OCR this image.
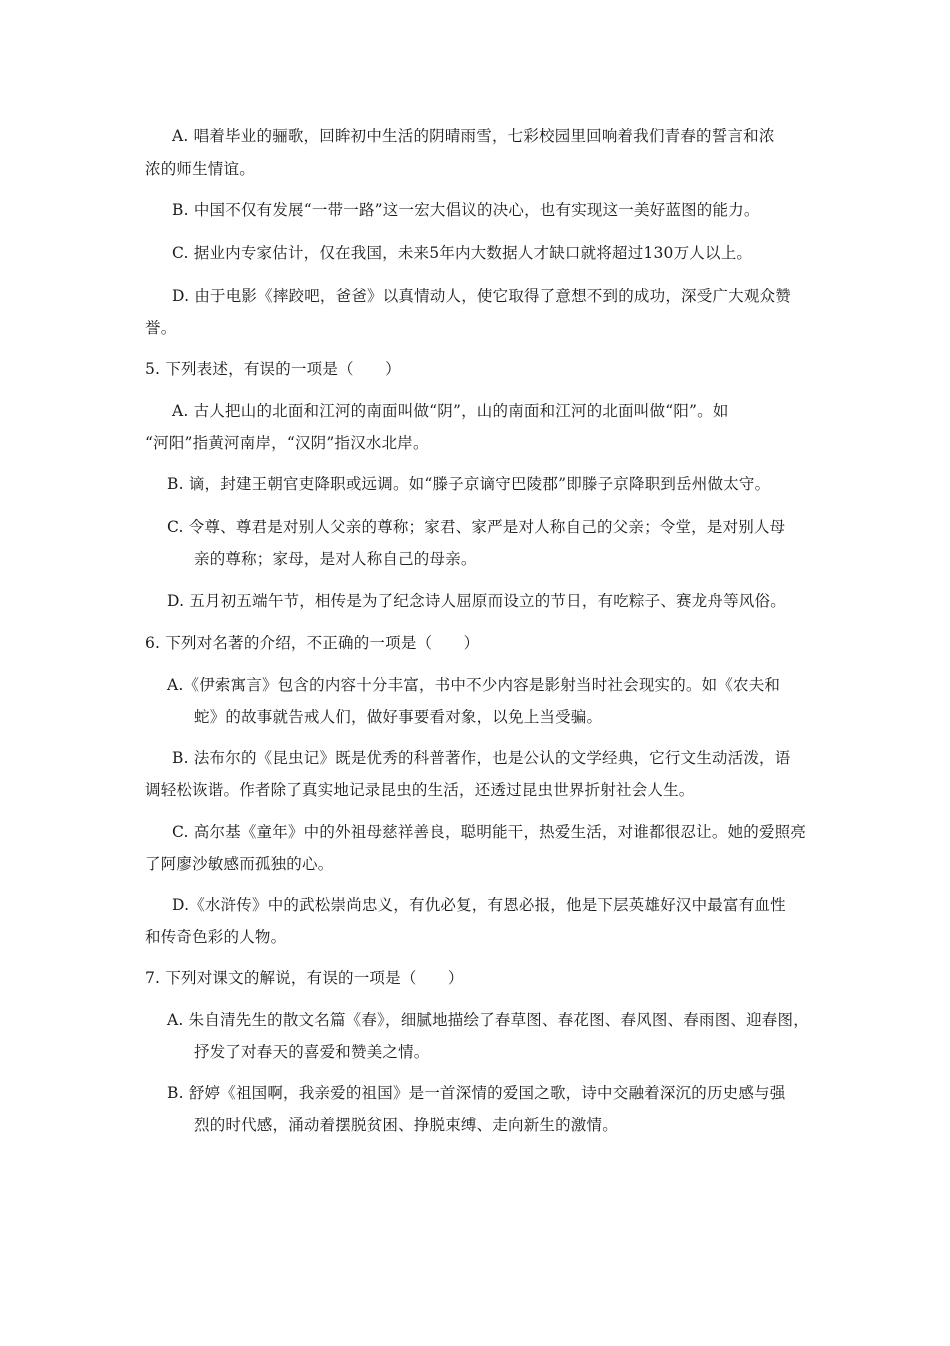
A. 唱着毕业的骊歌，回眸初中生活的阴晴雨雪，七彩校园里回响着我们青春的誓言和浓
浓的师生情谊。
B. 中国不仅有发展“一带一路”这一宏大倡议的决心，也有实现这一美好蓝图的能力。
C. 据业内专家估计，仅在我国，未来5年内大数据人才缺口就将超过130万人以上。
D. 由于电影《摔跤吧，爸爸》以真情动人，使它取得了意想不到的成功，深受广大观众赞
誉。
5. 下列表述，有误的一项是（　　）
A. 古人把山的北面和江河的南面叫做“阴”，山的南面和江河的北面叫做“阳”。如
“河阳”指黄河南岸，“汉阴”指汉水北岸。
B. 谪，封建王朝官吏降职或远调。如“滕子京谪守巴陵郡”即滕子京降职到岳州做太守。
C. 令尊、尊君是对别人父亲的尊称；家君、家严是对人称自己的父亲；令堂，是对别人母
亲的尊称；家母，是对人称自己的母亲。
D. 五月初五端午节，相传是为了纪念诗人屈原而设立的节日，有吃粽子、赛龙舟等风俗。
6. 下列对名著的介绍，不正确的一项是（　　）
A.《伊索寓言》包含的内容十分丰富，书中不少内容是影射当时社会现实的。如《农夫和
蛇》的故事就告戒人们，做好事要看对象，以免上当受骗。
B. 法布尔的《昆虫记》既是优秀的科普著作，也是公认的文学经典，它行文生动活泼，语
调轻松诙谐。作者除了真实地记录昆虫的生活，还透过昆虫世界折射社会人生。
C. 高尔基《童年》中的外祖母慈祥善良，聪明能干，热爱生活，对谁都很忍让。她的爱照亮
了阿廖沙敏感而孤独的心。
D.《水浒传》中的武松崇尚忠义，有仇必复，有恩必报，他是下层英雄好汉中最富有血性
和传奇色彩的人物。
7. 下列对课文的解说，有误的一项是（　　）
A. 朱自清先生的散文名篇《春》，细腻地描绘了春草图、春花图、春风图、春雨图、迎春图，
抒发了对春天的喜爱和赞美之情。
B. 舒婷《祖国啊，我亲爱的祖国》是一首深情的爱国之歌，诗中交融着深沉的历史感与强
烈的时代感，涌动着摆脱贫困、挣脱束缚、走向新生的激情。
